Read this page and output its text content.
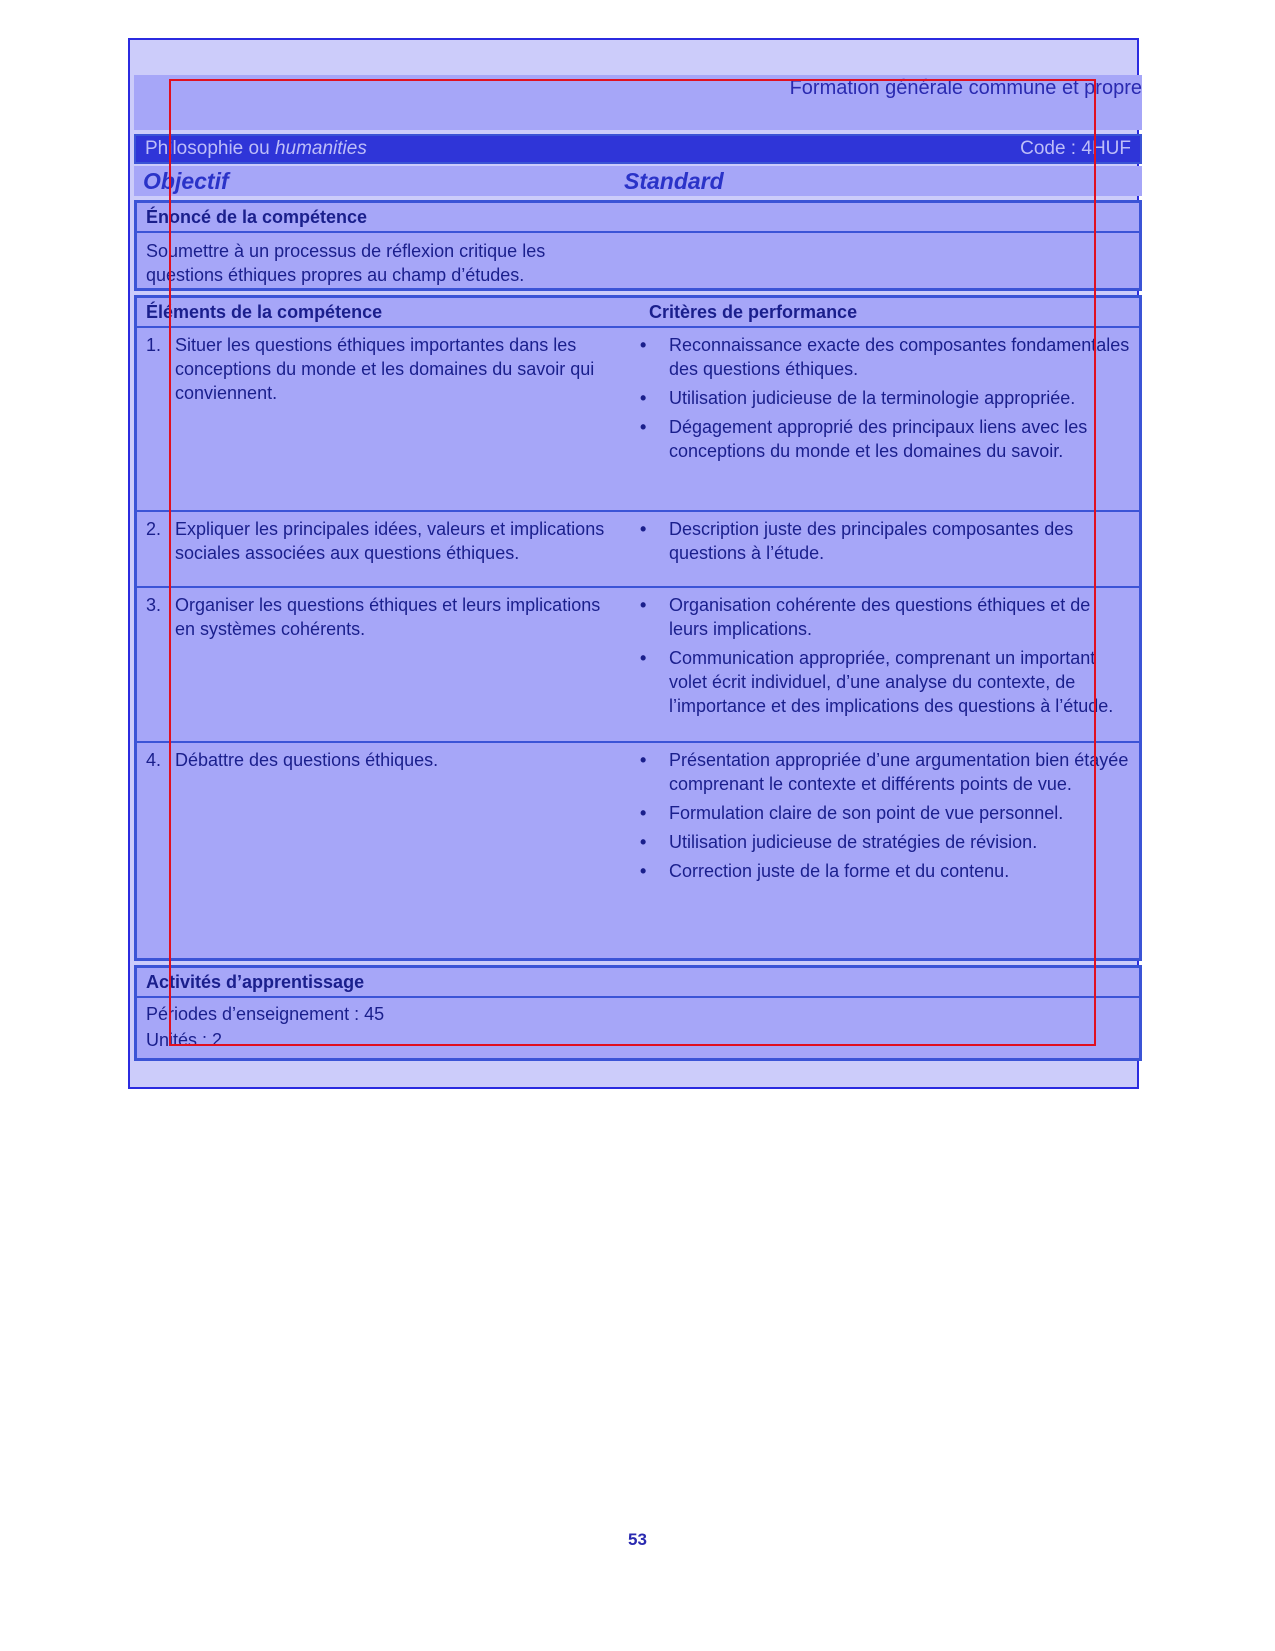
Formation générale commune et propre
Philosophie ou humanities	Code : 4HUF
Objectif	Standard
Énoncé de la compétence
Soumettre à un processus de réflexion critique les questions éthiques propres au champ d’études.
Éléments de la compétence	Critères de performance
1. Situer les questions éthiques importantes dans les conceptions du monde et les domaines du savoir qui conviennent.
•	Reconnaissance exacte des composantes fondamentales des questions éthiques.
•	Utilisation judicieuse de la terminologie appropriée.
•	Dégagement approprié des principaux liens avec les conceptions du monde et les domaines du savoir.
2. Expliquer les principales idées, valeurs et implications sociales associées aux questions éthiques.
•	Description juste des principales composantes des questions à l’étude.
3. Organiser les questions éthiques et leurs implications en systèmes cohérents.
•	Organisation cohérente des questions éthiques et de leurs implications.
•	Communication appropriée, comprenant un important volet écrit individuel, d’une analyse du contexte, de l’importance et des implications des questions à l’étude.
4. Débattre des questions éthiques.	•	Présentation appropriée d’une argumentation bien étayée comprenant le contexte et différents points de vue.
•	Formulation claire de son point de vue personnel.
•	Utilisation judicieuse de stratégies de révision.
•	Correction juste de la forme et du contenu.
Activités d’apprentissage
Périodes d’enseignement : 45
Unités : 2
53
